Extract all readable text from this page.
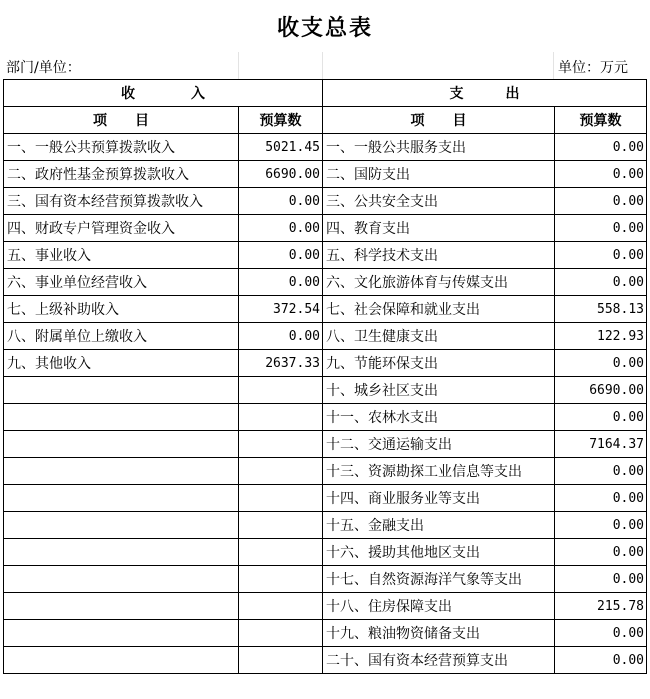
收支总表
部门/单位：	单位：万元
收　　　　入		支　　　出	
项　　目	预算数	项　　目	预算数
一、一般公共预算拨款收入	5021.45	一、一般公共服务支出	0.00
二、政府性基金预算拨款收入	6690.00	二、国防支出	0.00
三、国有资本经营预算拨款收入	0.00	三、公共安全支出	0.00
四、财政专户管理资金收入	0.00	四、教育支出	0.00
五、事业收入	0.00	五、科学技术支出	0.00
六、事业单位经营收入	0.00	六、文化旅游体育与传媒支出	0.00
七、上级补助收入	372.54	七、社会保障和就业支出	558.13
八、附属单位上缴收入	0.00	八、卫生健康支出	122.93
九、其他收入	2637.33	九、节能环保支出	0.00
		十、城乡社区支出	6690.00
		十一、农林水支出	0.00
		十二、交通运输支出	7164.37
		十三、资源勘探工业信息等支出	0.00
		十四、商业服务业等支出	0.00
		十五、金融支出	0.00
		十六、援助其他地区支出	0.00
		十七、自然资源海洋气象等支出	0.00
		十八、住房保障支出	215.78
		十九、粮油物资储备支出	0.00
		二十、国有资本经营预算支出	0.00
